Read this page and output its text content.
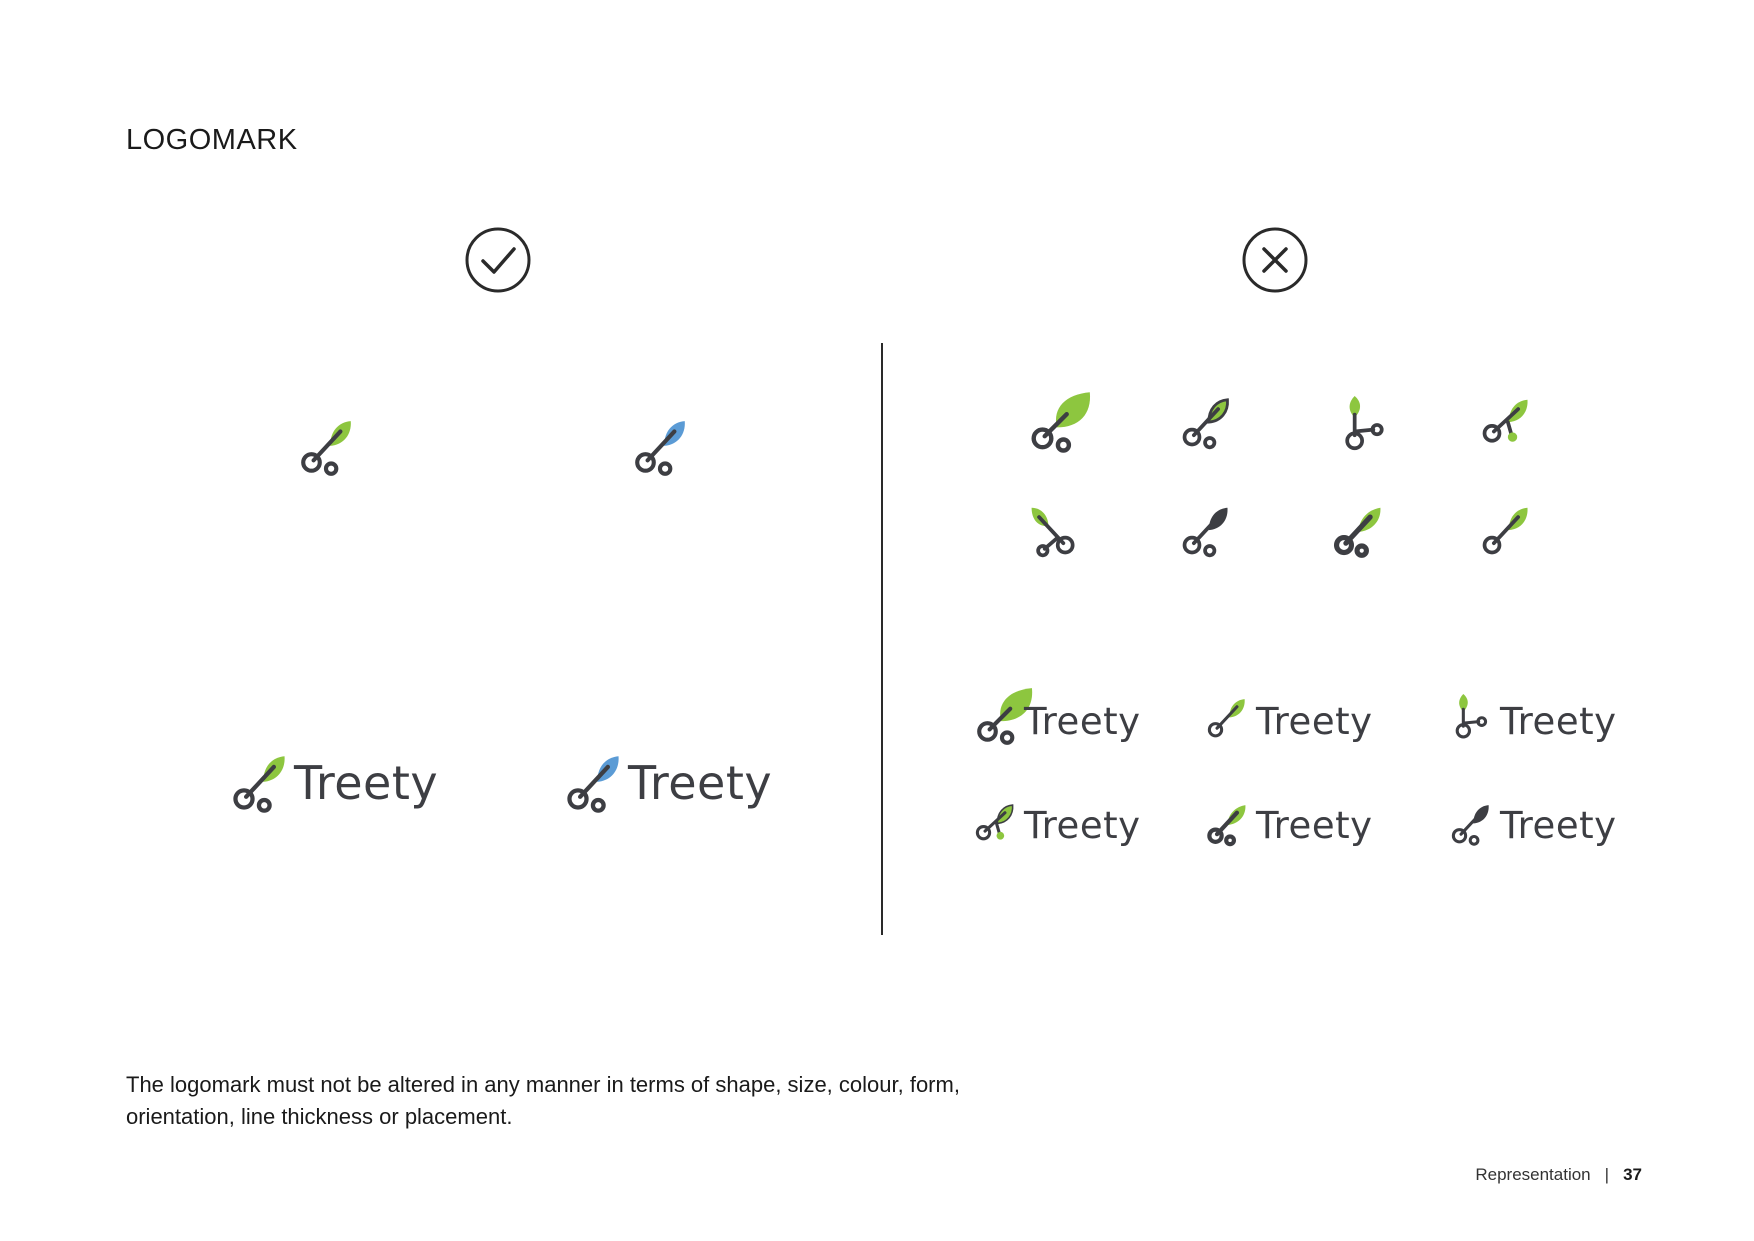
LOGOMARK
Treety	Treety
Treety	Treety	Treety
Treety	Treety	Treety

The logomark must not be altered in any manner in terms of shape, size, colour, form, orientation, line thickness or placement.

Representation | 37
